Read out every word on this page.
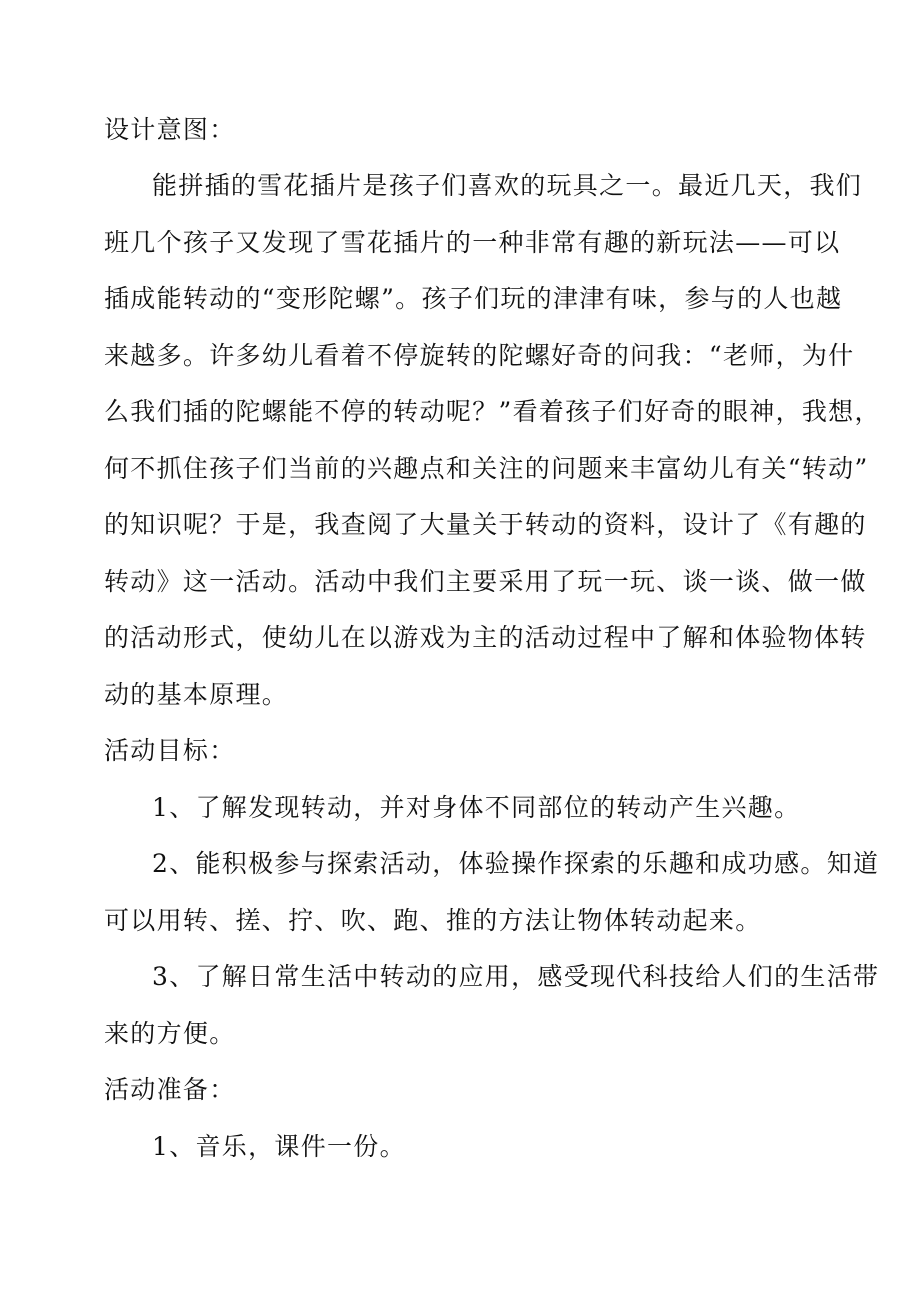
设计意图：
能拼插的雪花插片是孩子们喜欢的玩具之一。最近几天，我们
班几个孩子又发现了雪花插片的一种非常有趣的新玩法——可以
插成能转动的“变形陀螺”。孩子们玩的津津有味，参与的人也越
来越多。许多幼儿看着不停旋转的陀螺好奇的问我：“老师，为什
么我们插的陀螺能不停的转动呢？”看着孩子们好奇的眼神，我想，
何不抓住孩子们当前的兴趣点和关注的问题来丰富幼儿有关“转动”
的知识呢？于是，我查阅了大量关于转动的资料，设计了《有趣的
转动》这一活动。活动中我们主要采用了玩一玩、谈一谈、做一做
的活动形式，使幼儿在以游戏为主的活动过程中了解和体验物体转
动的基本原理。
活动目标：
1、了解发现转动，并对身体不同部位的转动产生兴趣。
2、能积极参与探索活动，体验操作探索的乐趣和成功感。知道
可以用转、搓、拧、吹、跑、推的方法让物体转动起来。
3、了解日常生活中转动的应用，感受现代科技给人们的生活带
来的方便。
活动准备：
1、音乐，课件一份。
